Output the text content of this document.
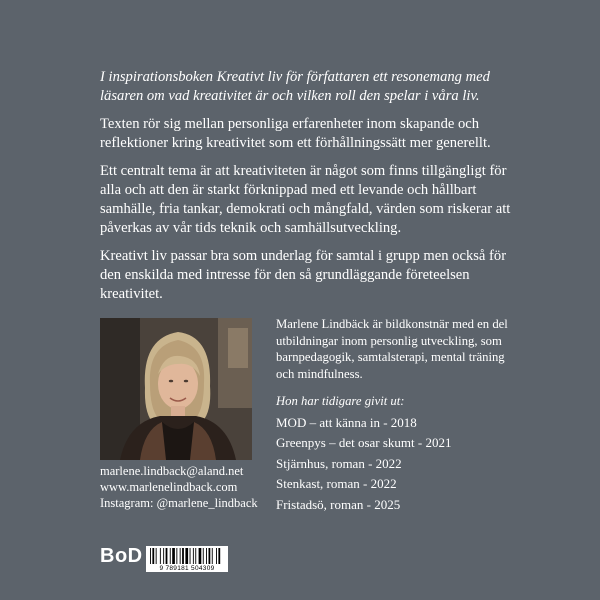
I inspirationsboken Kreativt liv för författaren ett resonemang med läsaren om vad kreativitet är och vilken roll den spelar i våra liv.

Texten rör sig mellan personliga erfarenheter inom skapande och reflektioner kring kreativitet som ett förhållningssätt mer generellt.

Ett centralt tema är att kreativiteten är något som finns tillgängligt för alla och att den är starkt förknippad med ett levande och hållbart samhälle, fria tankar, demokrati och mångfald, värden som riskerar att påverkas av vår tids teknik och samhällsutveckling.

Kreativt liv passar bra som underlag för samtal i grupp men också för den enskilda med intresse för den så grundläggande företeelsen kreativitet.

marlene.lindback@aland.net
www.marlenelindback.com
Instagram: @marlene_lindback

Marlene Lindbäck är bildkonstnär med en del utbildningar inom personlig utveckling, som barnpedagogik, samtalsterapi, mental träning och mindfulness.

Hon har tidigare givit ut:

MOD – att känna in - 2018
Greenpys – det osar skumt - 2021
Stjärnhus, roman - 2022
Stenkast, roman - 2022
Fristadsö, roman - 2025
BoD
9 789181 504309
